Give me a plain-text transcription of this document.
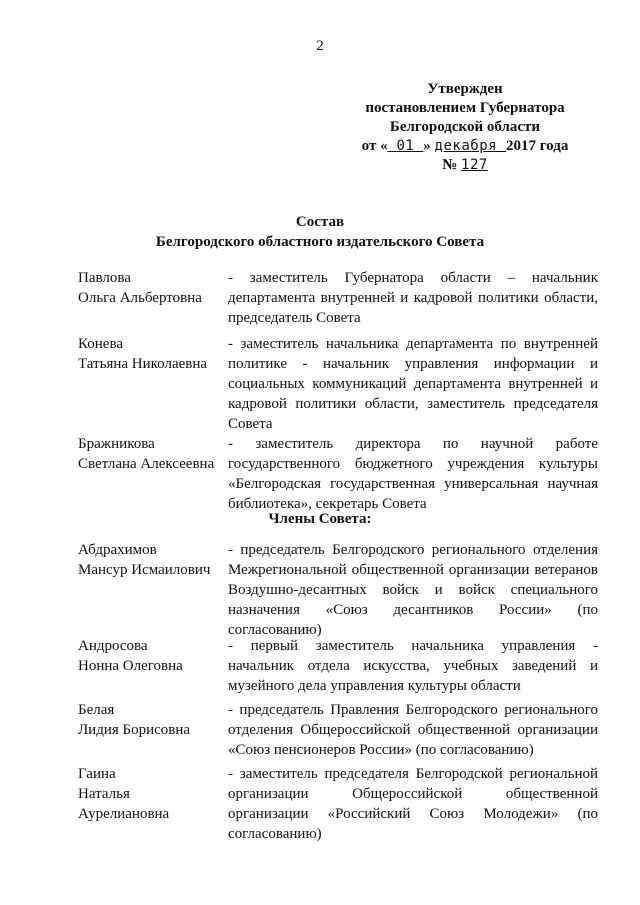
2
Утвержден
постановлением Губернатора
Белгородской области
от « 01 » декабря 2017 года
№ 127
Состав
Белгородского областного издательского Совета
Павлова
Ольга Альбертовна
- заместитель Губернатора области – начальник департамента внутренней и кадровой политики области, председатель Совета
Конева
Татьяна Николаевна
- заместитель начальника департамента по внутренней политике - начальник управления информации и социальных коммуникаций департамента внутренней и кадровой политики области, заместитель председателя Совета
Бражникова
Светлана Алексеевна
- заместитель директора по научной работе государственного бюджетного учреждения культуры «Белгородская государственная универсальная научная библиотека», секретарь Совета
Члены Совета:
Абдрахимов
Мансур Исмаилович
- председатель Белгородского регионального отделения Межрегиональной общественной организации ветеранов Воздушно-десантных войск и войск специального назначения «Союз десантников России» (по согласованию)
Андросова
Нонна Олеговна
- первый заместитель начальника управления - начальник отдела искусства, учебных заведений и музейного дела управления культуры области
Белая
Лидия Борисовна
- председатель Правления Белгородского регионального отделения Общероссийской общественной организации «Союз пенсионеров России» (по согласованию)
Гаина
Наталья
Аурелиановна
- заместитель председателя Белгородской региональной организации Общероссийской общественной организации «Российский Союз Молодежи» (по согласованию)
